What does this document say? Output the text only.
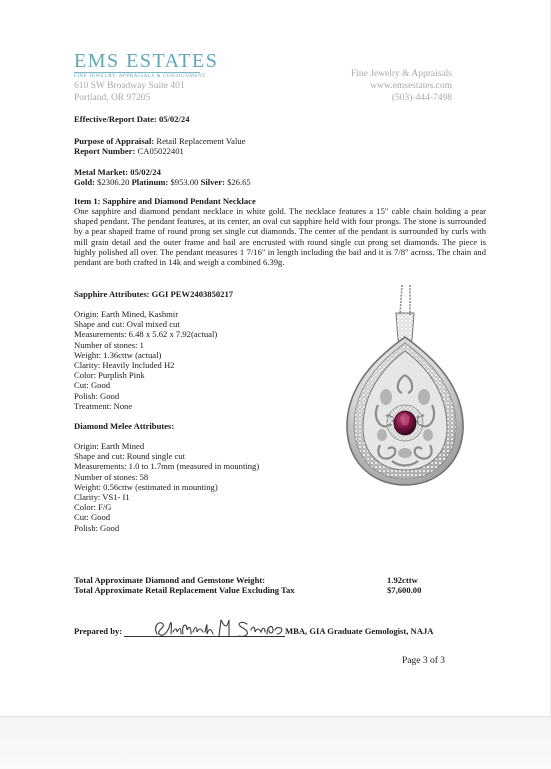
EMS ESTATES
FINE JEWELRY, APPRAISALS & CONSIGNMENT
610 SW Broadway Suite 401
Portland, OR 97205
Fine Jewelry & Appraisals
www.emsestates.com
(503)-444-7498
Effective/Report Date: 05/02/24
Purpose of Appraisal: Retail Replacement Value
Report Number: CA05022401
Metal Market: 05/02/24
Gold: $2306.20 Platinum: $953.00 Silver: $26.65
Item 1: Sapphire and Diamond Pendant Necklace
One sapphire and diamond pendant necklace in white gold. The necklace features a 15" cable chain holding a pear shaped pendant. The pendant features, at its center, an oval cut sapphire held with four prongs. The stone is surrounded by a pear shaped frame of round prong set single cut diamonds. The center of the pendant is surrounded by curls with mill grain detail and the outer frame and bail are encrusted with round single cut prong set diamonds. The piece is highly polished all over. The pendant measures 1 7/16" in length including the bail and it is 7/8" across. The chain and pendant are both crafted in 14k and weigh a combined 6.39g.
Sapphire Attributes: GGI PEW2403850217
Origin: Earth Mined, Kashmir
Shape and cut: Oval mixed cut
Measurements: 6.48 x 5.62 x 7.92(actual)
Number of stones: 1
Weight: 1.36cttw (actual)
Clarity: Heavily Included H2
Color: Purplish Pink
Cut: Good
Polish: Good
Treatment: None
Diamond Melee Attributes:
Origin: Earth Mined
Shape and cut: Round single cut
Measurements: 1.0 to 1.7mm (measured in mounting)
Number of stones: 58
Weight: 0.56cttw (estimated in mounting)
Clarity: VS1- I1
Color: F/G
Cut: Good
Polish: Good
Total Approximate Diamond and Gemstone Weight:	1.92cttw
Total Approximate Retail Replacement Value Excluding Tax	$7,600.00
Prepared by:	MBA, GIA Graduate Gemologist, NAJA
Page 3 of 3
